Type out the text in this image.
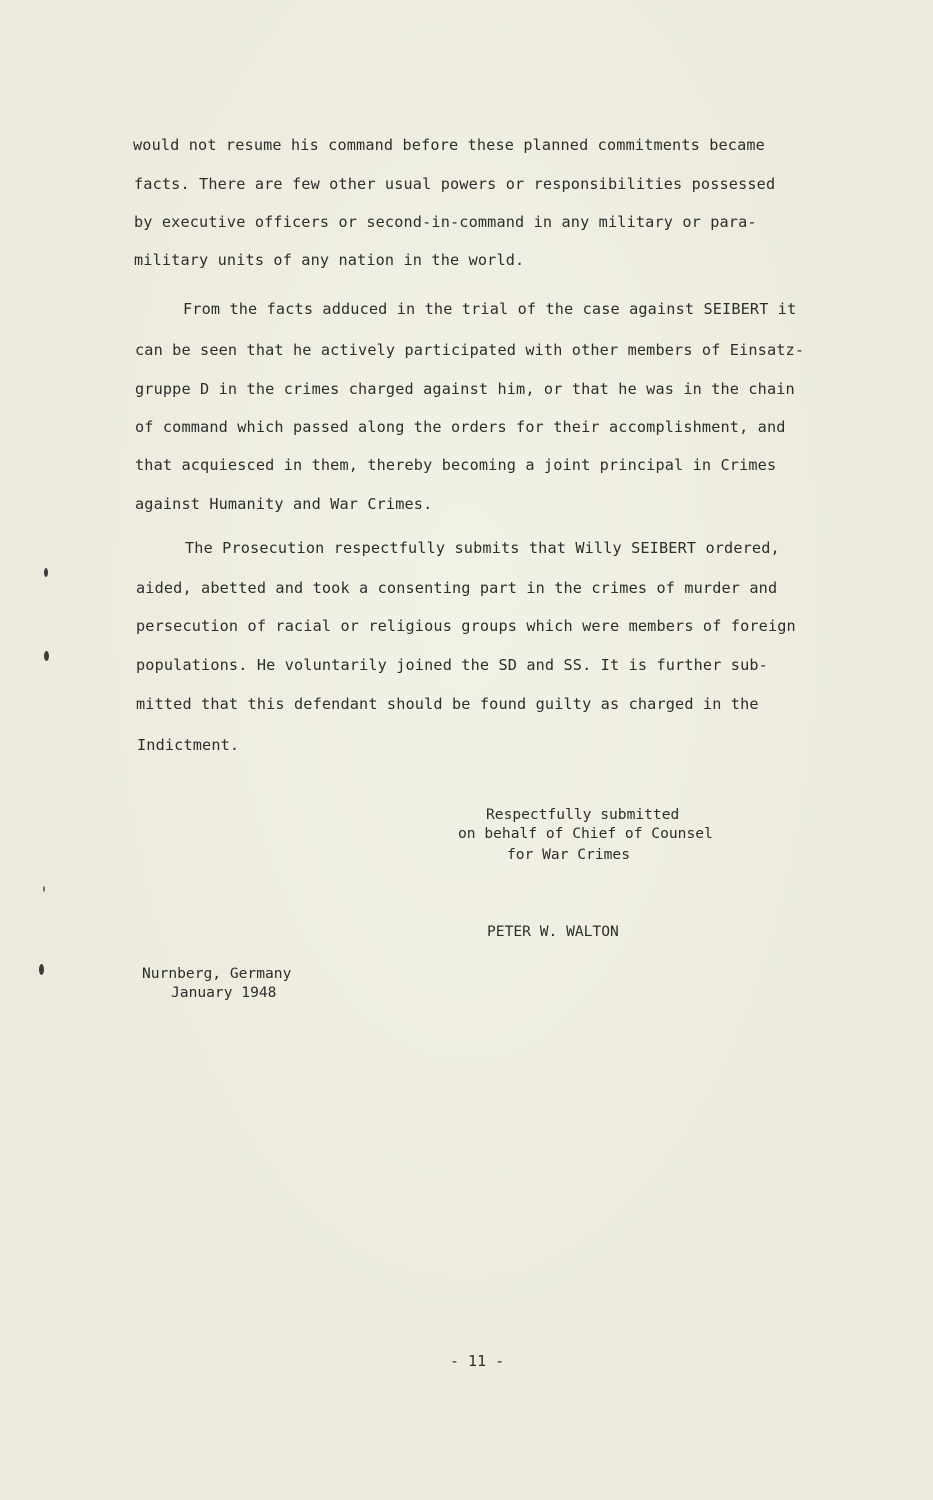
would not resume his command before these planned commitments became
facts. There are few other usual powers or responsibilities possessed
by executive officers or second-in-command in any military or para-
military units of any nation in the world.
From the facts adduced in the trial of the case against SEIBERT it
can be seen that he actively participated with other members of Einsatz-
gruppe D in the crimes charged against him, or that he was in the chain
of command which passed along the orders for their accomplishment, and
that acquiesced in them, thereby becoming a joint principal in Crimes
against Humanity and War Crimes.
The Prosecution respectfully submits that Willy SEIBERT ordered,
aided, abetted and took a consenting part in the crimes of murder and
persecution of racial or religious groups which were members of foreign
populations. He voluntarily joined the SD and SS. It is further sub-
mitted that this defendant should be found guilty as charged in the
Indictment.
Respectfully submitted
on behalf of Chief of Counsel
for War Crimes
PETER W. WALTON
Nurnberg, Germany
January 1948
- 11 -
